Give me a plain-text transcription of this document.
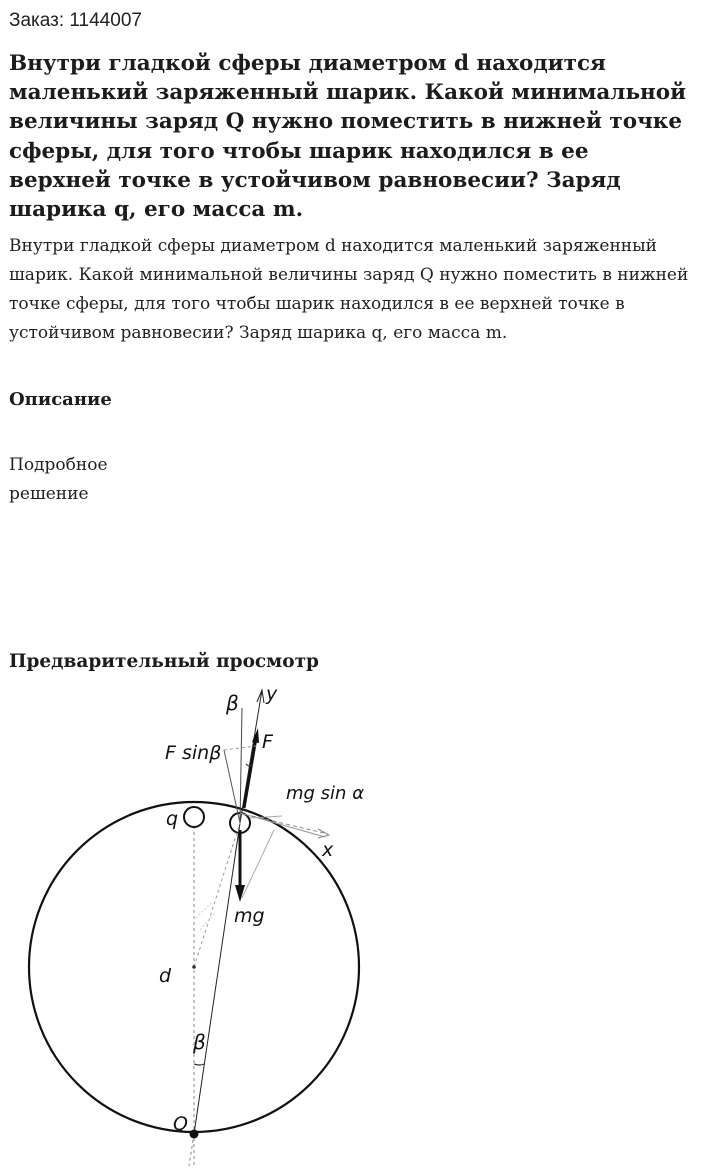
Заказ: 1144007
Внутри гладкой сферы диаметром d находится маленький заряженный шарик. Какой минимальной величины заряд Q нужно поместить в нижней точке сферы, для того чтобы шарик находился в ее верхней точке в устойчивом равновесии? Заряд шарика q, его масса m.

Внутри гладкой сферы диаметром d находится маленький заряженный шарик. Какой минимальной величины заряд Q нужно поместить в нижней точке сферы, для того чтобы шарик находился в ее верхней точке в устойчивом равновесии? Заряд шарика q, его масса m.

Описание

Подробное решение

Предварительный просмотр
β y
F sinβ F
mg sin α
q
x
mg
d
β
Q
